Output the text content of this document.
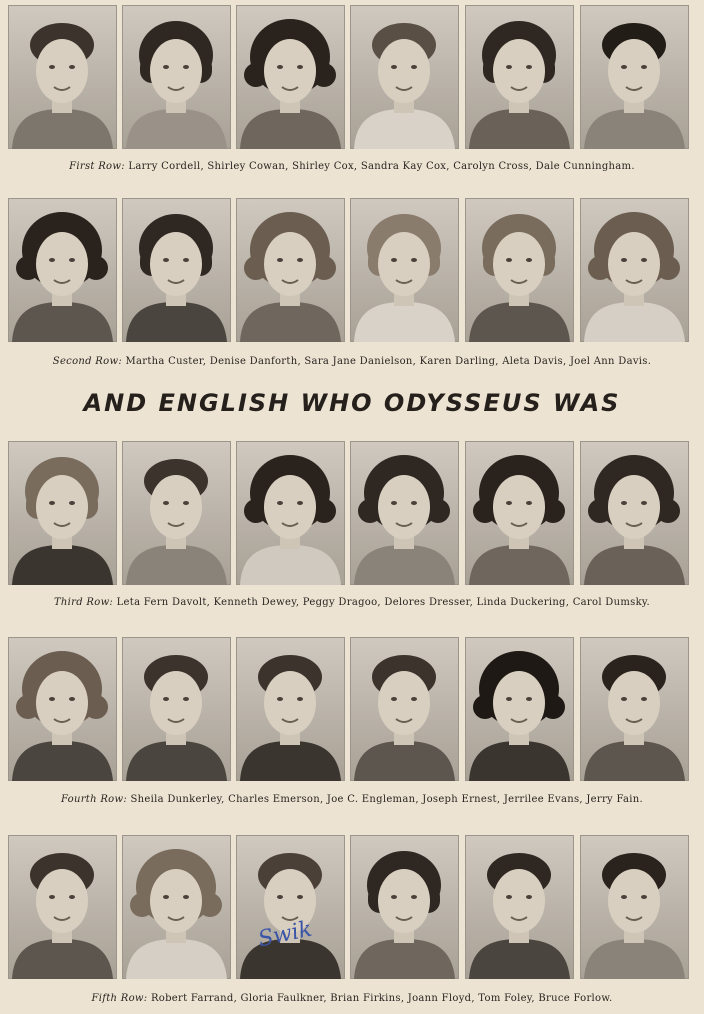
First Row: Larry Cordell, Shirley Cowan, Shirley Cox, Sandra Kay Cox, Carolyn Cross, Dale Cunningham.
Second Row: Martha Custer, Denise Danforth, Sara Jane Danielson, Karen Darling, Aleta Davis, Joel Ann Davis.
AND ENGLISH WHO ODYSSEUS WAS
Third Row: Leta Fern Davolt, Kenneth Dewey, Peggy Dragoo, Delores Dresser, Linda Duckering, Carol Dumsky.
Fourth Row: Sheila Dunkerley, Charles Emerson, Joe C. Engleman, Joseph Ernest, Jerrilee Evans, Jerry Fain.
Fifth Row: Robert Farrand, Gloria Faulkner, Brian Firkins, Joann Floyd, Tom Foley, Bruce Forlow.
Swik
